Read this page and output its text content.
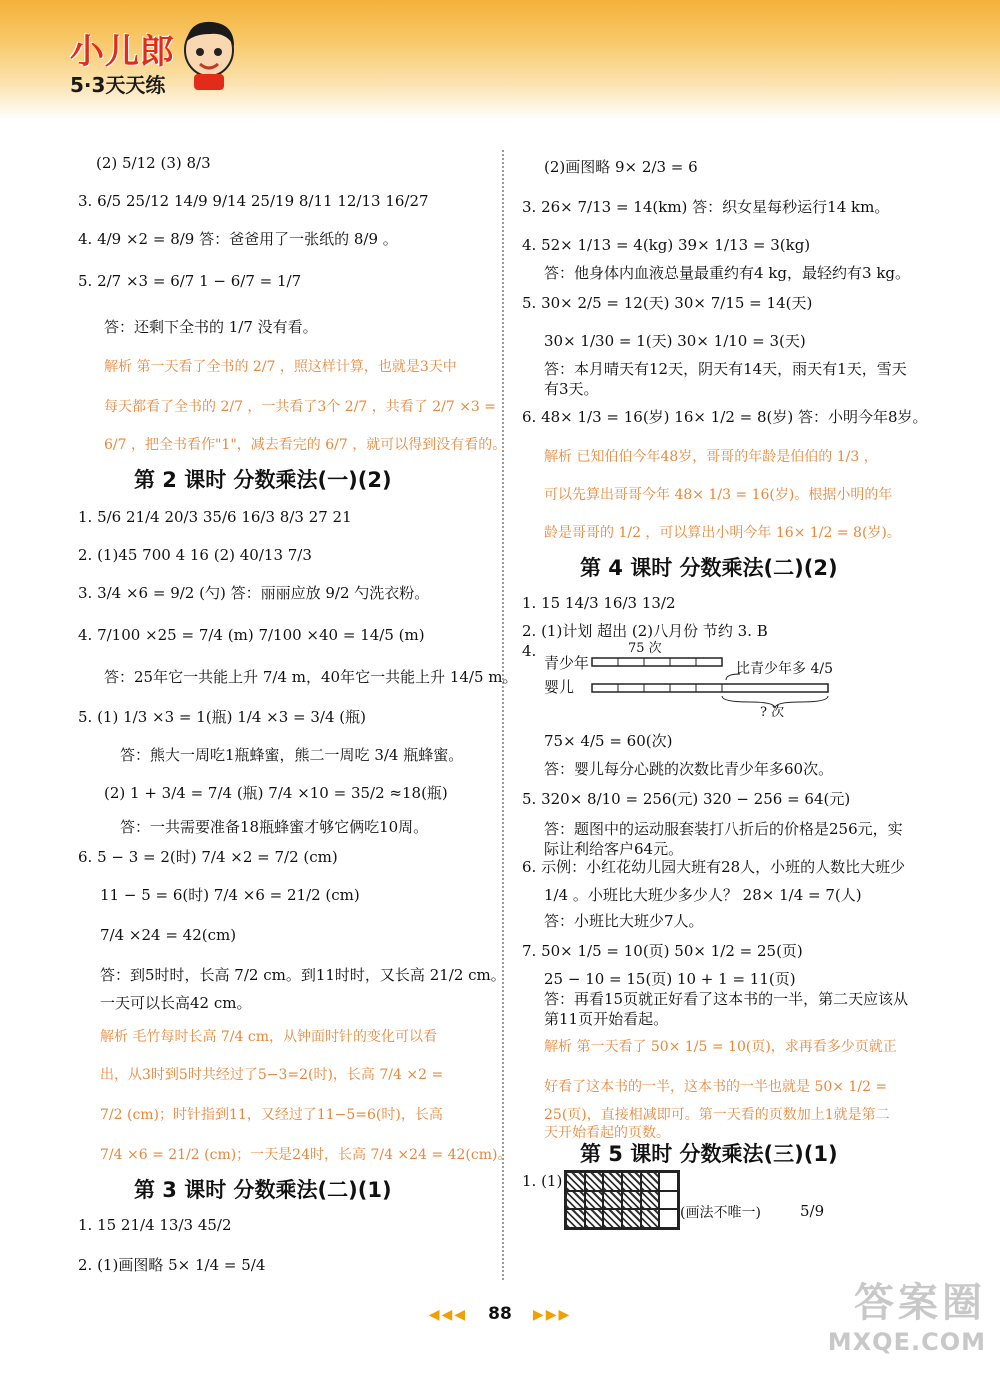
小儿郎
5·3天天练
(2) 5/12 (3) 8/3
3. 6/5 25/12 14/9 9/14 25/19 8/11 12/13 16/27
4. 4/9 ×2 = 8/9 答：爸爸用了一张纸的 8/9 。
5. 2/7 ×3 = 6/7 1 − 6/7 = 1/7
答：还剩下全书的 1/7 没有看。
解析 第一天看了全书的 2/7 ，照这样计算，也就是3天中
每天都看了全书的 2/7 ，一共看了3个 2/7 ，共看了 2/7 ×3 =
6/7 ，把全书看作"1"，减去看完的 6/7 ，就可以得到没有看的。
第 2 课时 分数乘法(一)(2)
1. 5/6 21/4 20/3 35/6 16/3 8/3 27 21
2. (1)45 700 4 16 (2) 40/13 7/3
3. 3/4 ×6 = 9/2 (勺) 答：丽丽应放 9/2 勺洗衣粉。
4. 7/100 ×25 = 7/4 (m) 7/100 ×40 = 14/5 (m)
答：25年它一共能上升 7/4 m，40年它一共能上升 14/5 m。
5. (1) 1/3 ×3 = 1(瓶) 1/4 ×3 = 3/4 (瓶)
答：熊大一周吃1瓶蜂蜜，熊二一周吃 3/4 瓶蜂蜜。
(2) 1 + 3/4 = 7/4 (瓶) 7/4 ×10 = 35/2 ≈18(瓶)
答：一共需要准备18瓶蜂蜜才够它俩吃10周。
6. 5 − 3 = 2(时) 7/4 ×2 = 7/2 (cm)
11 − 5 = 6(时) 7/4 ×6 = 21/2 (cm)
7/4 ×24 = 42(cm)
答：到5时时，长高 7/2 cm。到11时时，又长高 21/2 cm。
一天可以长高42 cm。
解析 毛竹每时长高 7/4 cm，从钟面时针的变化可以看
出，从3时到5时共经过了5−3=2(时)，长高 7/4 ×2 =
7/2 (cm)；时针指到11，又经过了11−5=6(时)，长高
7/4 ×6 = 21/2 (cm)；一天是24时，长高 7/4 ×24 = 42(cm)。
第 3 课时 分数乘法(二)(1)
1. 15 21/4 13/3 45/2
2. (1)画图略 5× 1/4 = 5/4
(2)画图略 9× 2/3 = 6
3. 26× 7/13 = 14(km) 答：织女星每秒运行14 km。
4. 52× 1/13 = 4(kg) 39× 1/13 = 3(kg)
答：他身体内血液总量最重约有4 kg，最轻约有3 kg。
5. 30× 2/5 = 12(天) 30× 7/15 = 14(天)
30× 1/30 = 1(天) 30× 1/10 = 3(天)
答：本月晴天有12天，阴天有14天，雨天有1天，雪天
有3天。
6. 48× 1/3 = 16(岁) 16× 1/2 = 8(岁) 答：小明今年8岁。
解析 已知伯伯今年48岁，哥哥的年龄是伯伯的 1/3 ，
可以先算出哥哥今年 48× 1/3 = 16(岁)。根据小明的年
龄是哥哥的 1/2 ，可以算出小明今年 16× 1/2 = 8(岁)。
第 4 课时 分数乘法(二)(2)
1. 15 14/3 16/3 13/2
2. (1)计划 超出 (2)八月份 节约 3. B
4.
青少年
75 次
婴儿
比青少年多 4/5
? 次
75× 4/5 = 60(次)
答：婴儿每分心跳的次数比青少年多60次。
5. 320× 8/10 = 256(元) 320 − 256 = 64(元)
答：题图中的运动服套装打八折后的价格是256元，实
际让利给客户64元。
6. 示例：小红花幼儿园大班有28人，小班的人数比大班少
1/4 。小班比大班少多少人？ 28× 1/4 = 7(人)
答：小班比大班少7人。
7. 50× 1/5 = 10(页) 50× 1/2 = 25(页)
25 − 10 = 15(页) 10 + 1 = 11(页)
答：再看15页就正好看了这本书的一半，第二天应该从
第11页开始看起。
解析 第一天看了 50× 1/5 = 10(页)，求再看多少页就正
好看了这本书的一半，这本书的一半也就是 50× 1/2 =
25(页)，直接相减即可。第一天看的页数加上1就是第二
天开始看起的页数。
第 5 课时 分数乘法(三)(1)
1. (1)
(画法不唯一)	5/9
◀◀◀ 88 ▶▶▶	答案圈
MXQE.COM
